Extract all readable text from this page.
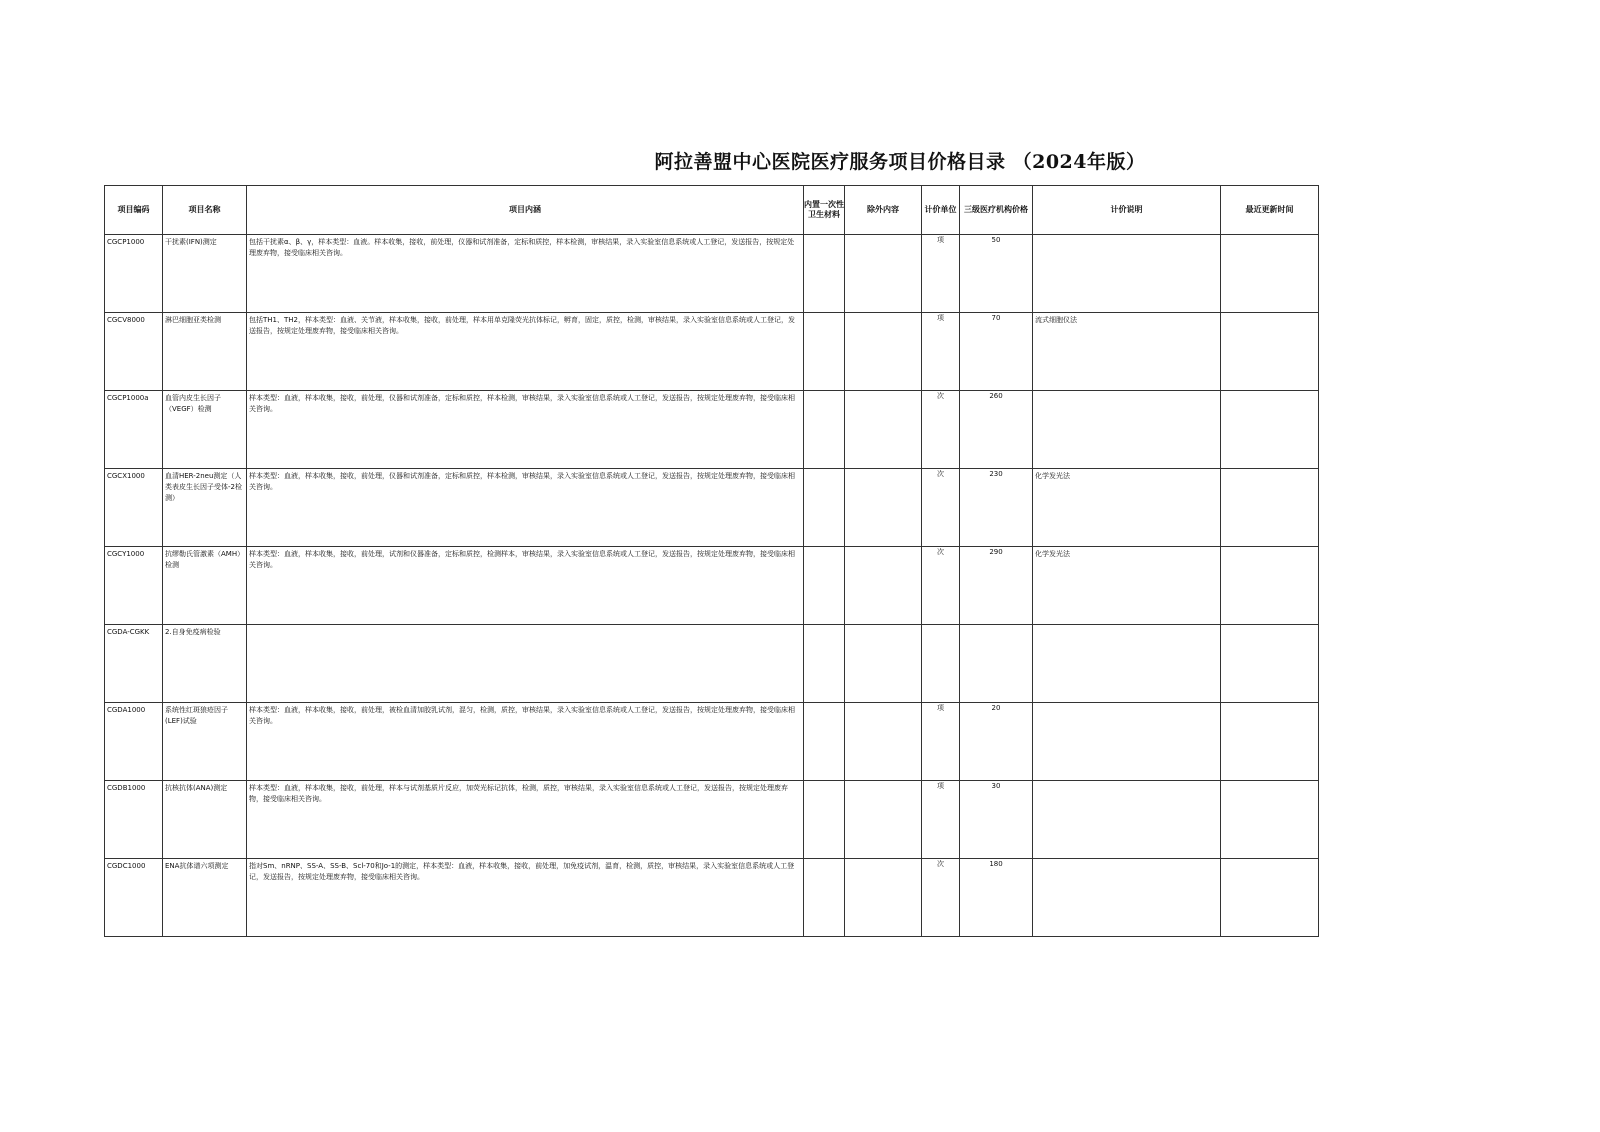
阿拉善盟中心医院医疗服务项目价格目录 （2024年版）
项目编码	项目名称	项目内涵	内置一次性卫生材料	除外内容	计价单位	三级医疗机构价格	计价说明	最近更新时间

CGCP1000	干扰素(IFN)测定	包括干扰素α、β、γ，样本类型：血液。样本收集，接收，前处理，仪器和试剂准备，定标和质控，样本检测，审核结果，录入实验室信息系统或人工登记，发送报告，按规定处理废弃物，接受临床相关咨询。			项	50	

CGCV8000	淋巴细胞亚类检测	包括TH1、TH2，样本类型：血液、关节液，样本收集，接收，前处理，样本用单克隆荧光抗体标记，孵育，固定，质控，检测，审核结果，录入实验室信息系统或人工登记，发送报告，按规定处理废弃物，接受临床相关咨询。			项	70	流式细胞仪法	

CGCP1000a	血管内皮生长因子（VEGF）检测	样本类型：血液，样本收集，接收，前处理，仪器和试剂准备，定标和质控，样本检测，审核结果，录入实验室信息系统或人工登记，发送报告，按规定处理废弃物，接受临床相关咨询。			次	260	

CGCX1000	血清HER-2neu测定（人类表皮生长因子受体-2检测）	样本类型：血液，样本收集，接收，前处理，仪器和试剂准备，定标和质控，样本检测，审核结果，录入实验室信息系统或人工登记，发送报告，按规定处理废弃物，接受临床相关咨询。			次	230	化学发光法	

CGCY1000	抗缪勒氏管激素（AMH）检测	样本类型：血液，样本收集，接收，前处理，试剂和仪器准备，定标和质控，检测样本，审核结果，录入实验室信息系统或人工登记，发送报告，按规定处理废弃物，接受临床相关咨询。			次	290	化学发光法	

CGDA-CGKK	2.自身免疫病检验							

CGDA1000	系统性红斑狼疮因子(LEF)试验	样本类型：血液，样本收集，接收，前处理，被检血清加胶乳试剂，混匀，检测，质控，审核结果，录入实验室信息系统或人工登记，发送报告，按规定处理废弃物，接受临床相关咨询。			项	20	

CGDB1000	抗核抗体(ANA)测定	样本类型：血液，样本收集，接收，前处理，样本与试剂基质片反应，加荧光标记抗体，检测，质控，审核结果，录入实验室信息系统或人工登记，发送报告，按规定处理废弃物，接受临床相关咨询。			项	30	

CGDC1000	ENA抗体谱六项测定	指对Sm、nRNP、SS-A、SS-B、Scl-70和Jo-1的测定，样本类型：血液，样本收集，接收，前处理，加免疫试剂，温育，检测，质控，审核结果，录入实验室信息系统或人工登记，发送报告，按规定处理废弃物，接受临床相关咨询。			次	180	
